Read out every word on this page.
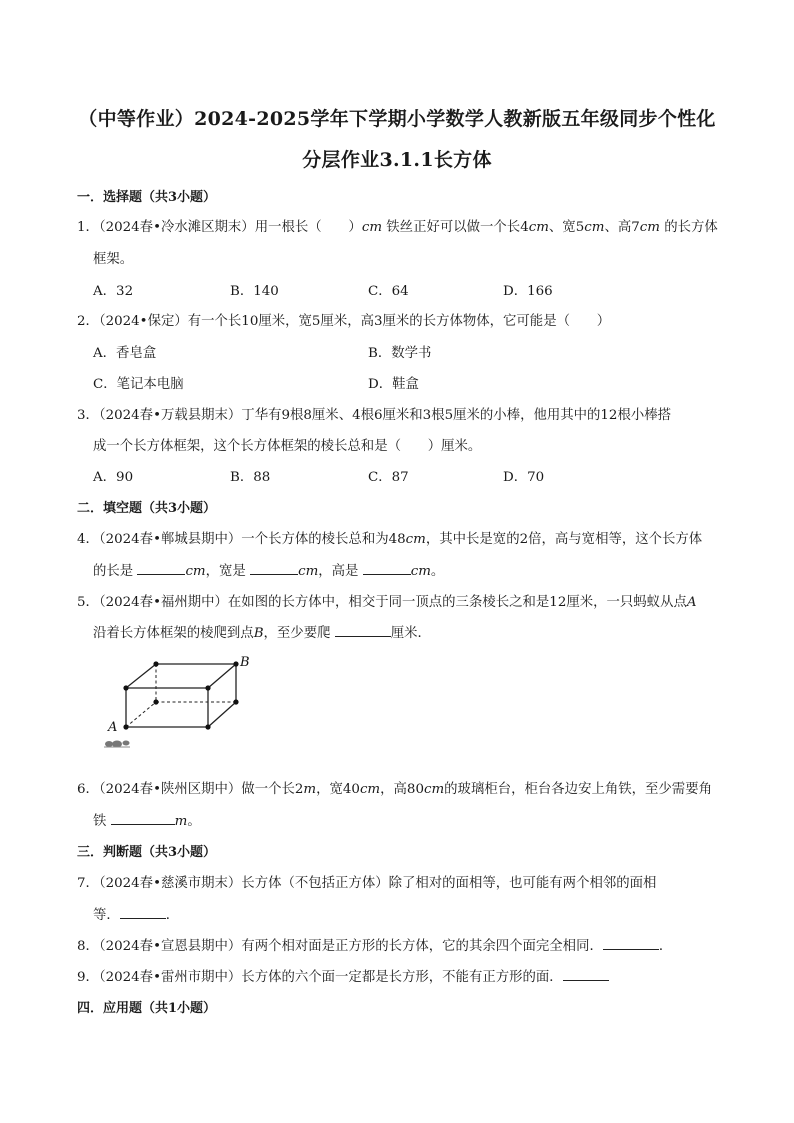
（中等作业）2024-2025学年下学期小学数学人教新版五年级同步个性化
分层作业3.1.1长方体
一．选择题（共3小题）
1．（2024春•冷水滩区期末）用一根长（　　）cm 铁丝正好可以做一个长4cm、宽5cm、高7cm 的长方体
框架。
A．32	B．140	C．64	D．166
2．（2024•保定）有一个长10厘米，宽5厘米，高3厘米的长方体物体，它可能是（　　）
A．香皂盒	B．数学书
C．笔记本电脑	D．鞋盒
3．（2024春•万载县期末）丁华有9根8厘米、4根6厘米和3根5厘米的小棒，他用其中的12根小棒搭
成一个长方体框架，这个长方体框架的棱长总和是（　　）厘米。
A．90	B．88	C．87	D．70
二．填空题（共3小题）
4．（2024春•郸城县期中）一个长方体的棱长总和为48cm，其中长是宽的2倍，高与宽相等，这个长方体
的长是	cm，宽是	cm，高是	cm。
5．（2024春•福州期中）在如图的长方体中，相交于同一顶点的三条棱长之和是12厘米，一只蚂蚁从点A
沿着长方体框架的棱爬到点B，至少要爬	厘米．
B
A
6．（2024春•陕州区期中）做一个长2m，宽40cm，高80cm的玻璃柜台，柜台各边安上角铁，至少需要角
铁	m。
三．判断题（共3小题）
7．（2024春•慈溪市期末）长方体（不包括正方体）除了相对的面相等，也可能有两个相邻的面相
等．	．
8．（2024春•宣恩县期中）有两个相对面是正方形的长方体，它的其余四个面完全相同．	．
9．（2024春•雷州市期中）长方体的六个面一定都是长方形，不能有正方形的面．
四．应用题（共1小题）
